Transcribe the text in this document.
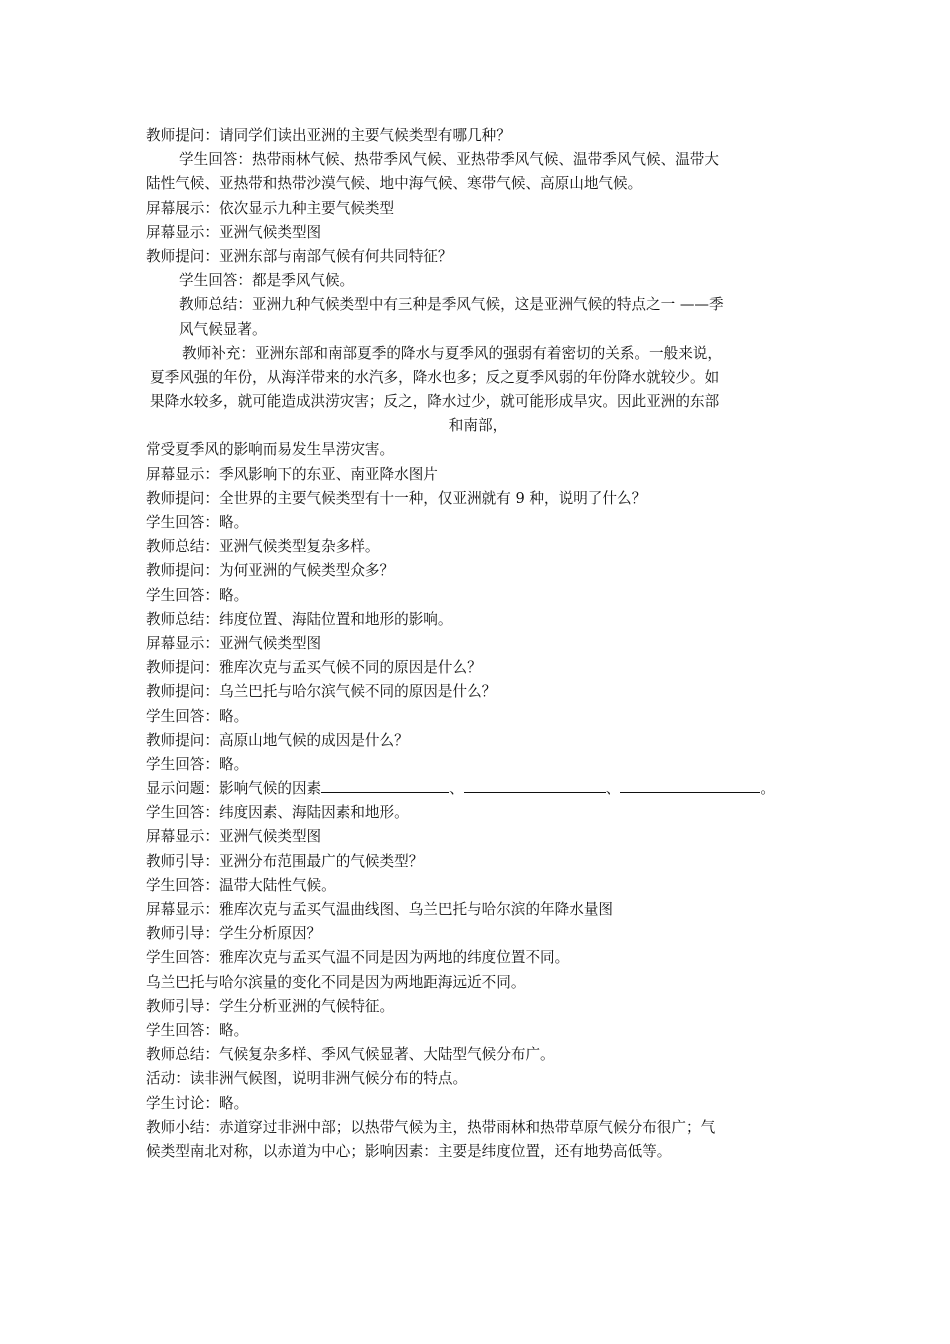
教师提问：请同学们读出亚洲的主要气候类型有哪几种？
学生回答：热带雨林气候、热带季风气候、亚热带季风气候、温带季风气候、温带大
陆性气候、亚热带和热带沙漠气候、地中海气候、寒带气候、高原山地气候。
屏幕展示：依次显示九种主要气候类型
屏幕显示：亚洲气候类型图
教师提问：亚洲东部与南部气候有何共同特征？
学生回答：都是季风气候。
教师总结：亚洲九种气候类型中有三种是季风气候，这是亚洲气候的特点之一 ——季
风气候显著。
教师补充：亚洲东部和南部夏季的降水与夏季风的强弱有着密切的关系。一般来说，
夏季风强的年份，从海洋带来的水汽多，降水也多；反之夏季风弱的年份降水就较少。如
果降水较多，就可能造成洪涝灾害；反之，降水过少，就可能形成旱灾。因此亚洲的东部
和南部，
常受夏季风的影响而易发生旱涝灾害。
屏幕显示：季风影响下的东亚、南亚降水图片
教师提问：全世界的主要气候类型有十一种，仅亚洲就有 9 种，说明了什么？
学生回答：略。
教师总结：亚洲气候类型复杂多样。
教师提问：为何亚洲的气候类型众多？
学生回答：略。
教师总结：纬度位置、海陆位置和地形的影响。
屏幕显示：亚洲气候类型图
教师提问：雅库次克与孟买气候不同的原因是什么？
教师提问：乌兰巴托与哈尔滨气候不同的原因是什么？
学生回答：略。
教师提问：高原山地气候的成因是什么？
学生回答：略。
显示问题：影响气候的因素	、	、	。
学生回答：纬度因素、海陆因素和地形。
屏幕显示：亚洲气候类型图
教师引导：亚洲分布范围最广的气候类型？
学生回答：温带大陆性气候。
屏幕显示：雅库次克与孟买气温曲线图、乌兰巴托与哈尔滨的年降水量图
教师引导：学生分析原因？
学生回答：雅库次克与孟买气温不同是因为两地的纬度位置不同。
乌兰巴托与哈尔滨量的变化不同是因为两地距海远近不同。
教师引导：学生分析亚洲的气候特征。
学生回答：略。
教师总结：气候复杂多样、季风气候显著、大陆型气候分布广。
活动：读非洲气候图，说明非洲气候分布的特点。
学生讨论：略。
教师小结：赤道穿过非洲中部；以热带气候为主，热带雨林和热带草原气候分布很广；气
候类型南北对称，以赤道为中心；影响因素：主要是纬度位置，还有地势高低等。
